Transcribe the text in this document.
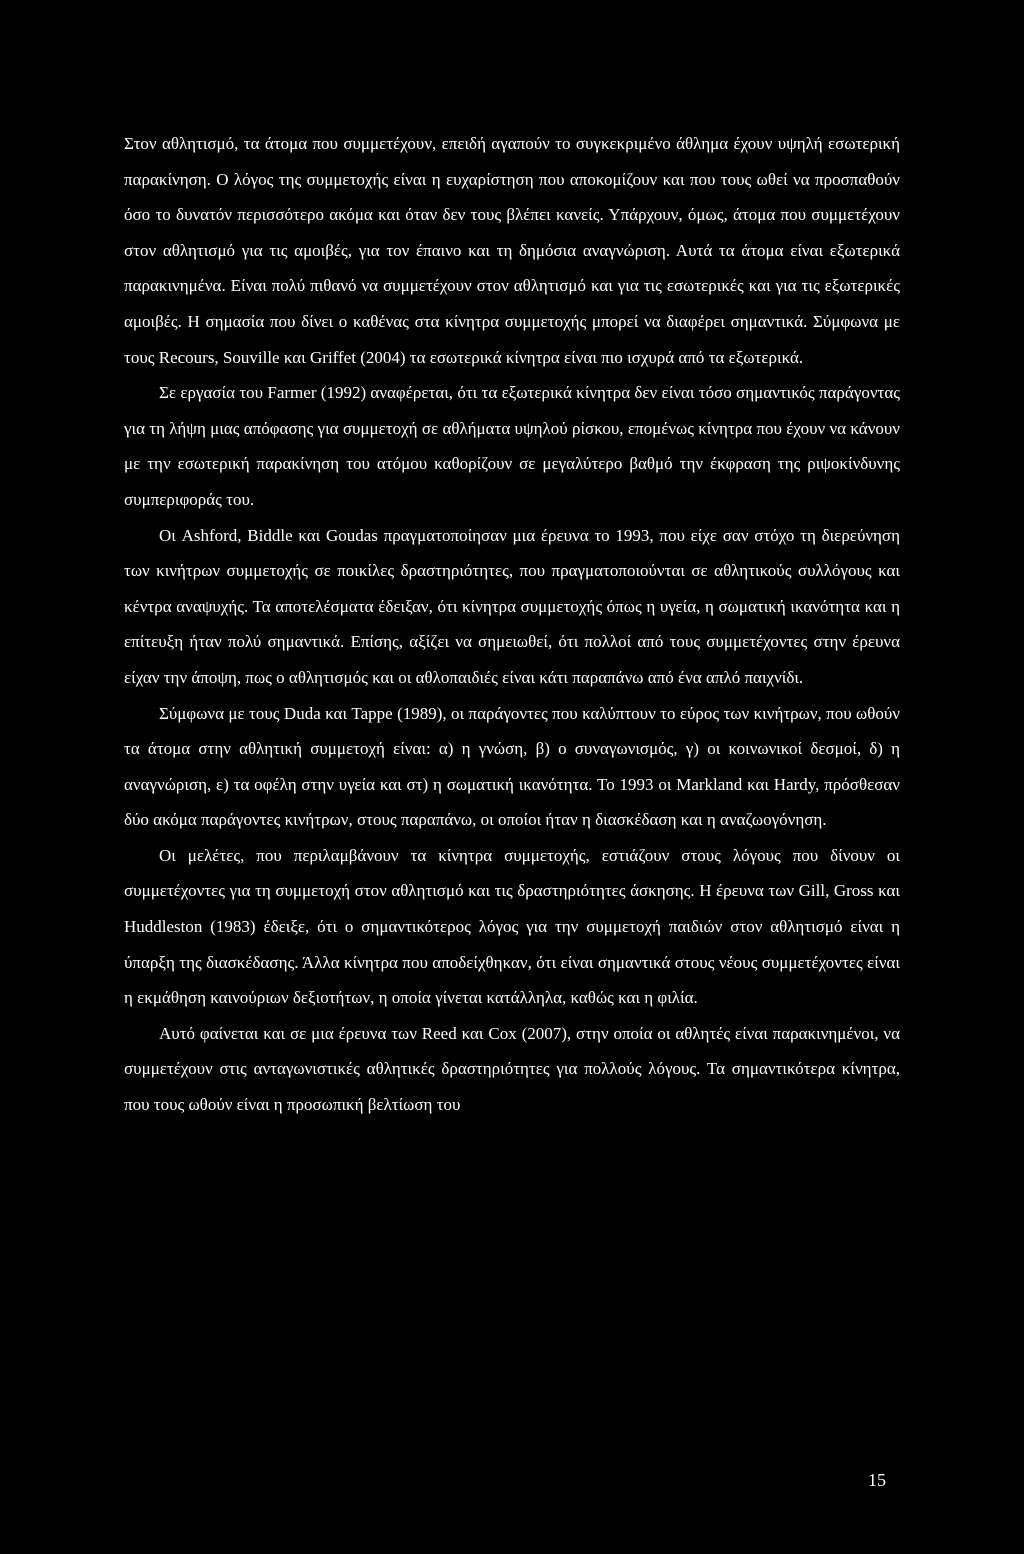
Στον αθλητισμό, τα άτομα που συμμετέχουν, επειδή αγαπούν το συγκεκριμένο άθλημα έχουν υψηλή εσωτερική παρακίνηση. Ο λόγος της συμμετοχής είναι η ευχαρίστηση που αποκομίζουν και που τους ωθεί να προσπαθούν όσο το δυνατόν περισσότερο ακόμα και όταν δεν τους βλέπει κανείς. Υπάρχουν, όμως, άτομα που συμμετέχουν στον αθλητισμό για τις αμοιβές, για τον έπαινο και τη δημόσια αναγνώριση. Αυτά τα άτομα είναι εξωτερικά παρακινημένα. Είναι πολύ πιθανό να συμμετέχουν στον αθλητισμό και για τις εσωτερικές και για τις εξωτερικές αμοιβές. Η σημασία που δίνει ο καθένας στα κίνητρα συμμετοχής μπορεί να διαφέρει σημαντικά. Σύμφωνα με τους Recours, Souville και Griffet (2004) τα εσωτερικά κίνητρα είναι πιο ισχυρά από τα εξωτερικά.

Σε εργασία του Farmer (1992) αναφέρεται, ότι τα εξωτερικά κίνητρα δεν είναι τόσο σημαντικός παράγοντας για τη λήψη μιας απόφασης για συμμετοχή σε αθλήματα υψηλού ρίσκου, επομένως κίνητρα που έχουν να κάνουν με την εσωτερική παρακίνηση του ατόμου καθορίζουν σε μεγαλύτερο βαθμό την έκφραση της ριψοκίνδυνης συμπεριφοράς του.

Οι Ashford, Biddle και Goudas πραγματοποίησαν μια έρευνα το 1993, που είχε σαν στόχο τη διερεύνηση των κινήτρων συμμετοχής σε ποικίλες δραστηριότητες, που πραγματοποιούνται σε αθλητικούς συλλόγους και κέντρα αναψυχής. Τα αποτελέσματα έδειξαν, ότι κίνητρα συμμετοχής όπως η υγεία, η σωματική ικανότητα και η επίτευξη ήταν πολύ σημαντικά. Επίσης, αξίζει να σημειωθεί, ότι πολλοί από τους συμμετέχοντες στην έρευνα είχαν την άποψη, πως ο αθλητισμός και οι αθλοπαιδιές είναι κάτι παραπάνω από ένα απλό παιχνίδι.

Σύμφωνα με τους Duda και Tappe (1989), οι παράγοντες που καλύπτουν το εύρος των κινήτρων, που ωθούν τα άτομα στην αθλητική συμμετοχή είναι: α) η γνώση, β) ο συναγωνισμός, γ) οι κοινωνικοί δεσμοί, δ) η αναγνώριση, ε) τα οφέλη στην υγεία και στ) η σωματική ικανότητα. Το 1993 οι Markland και Hardy, πρόσθεσαν δύο ακόμα παράγοντες κινήτρων, στους παραπάνω, οι οποίοι ήταν η διασκέδαση και η αναζωογόνηση.

Οι μελέτες, που περιλαμβάνουν τα κίνητρα συμμετοχής, εστιάζουν στους λόγους που δίνουν οι συμμετέχοντες για τη συμμετοχή στον αθλητισμό και τις δραστηριότητες άσκησης. Η έρευνα των Gill, Gross και Huddleston (1983) έδειξε, ότι ο σημαντικότερος λόγος για την συμμετοχή παιδιών στον αθλητισμό είναι η ύπαρξη της διασκέδασης. Άλλα κίνητρα που αποδείχθηκαν, ότι είναι σημαντικά στους νέους συμμετέχοντες είναι η εκμάθηση καινούριων δεξιοτήτων, η οποία γίνεται κατάλληλα, καθώς και η φιλία.

Αυτό φαίνεται και σε μια έρευνα των Reed και Cox (2007), στην οποία οι αθλητές είναι παρακινημένοι, να συμμετέχουν στις ανταγωνιστικές αθλητικές δραστηριότητες για πολλούς λόγους. Τα σημαντικότερα κίνητρα, που τους ωθούν είναι η προσωπική βελτίωση του

15
